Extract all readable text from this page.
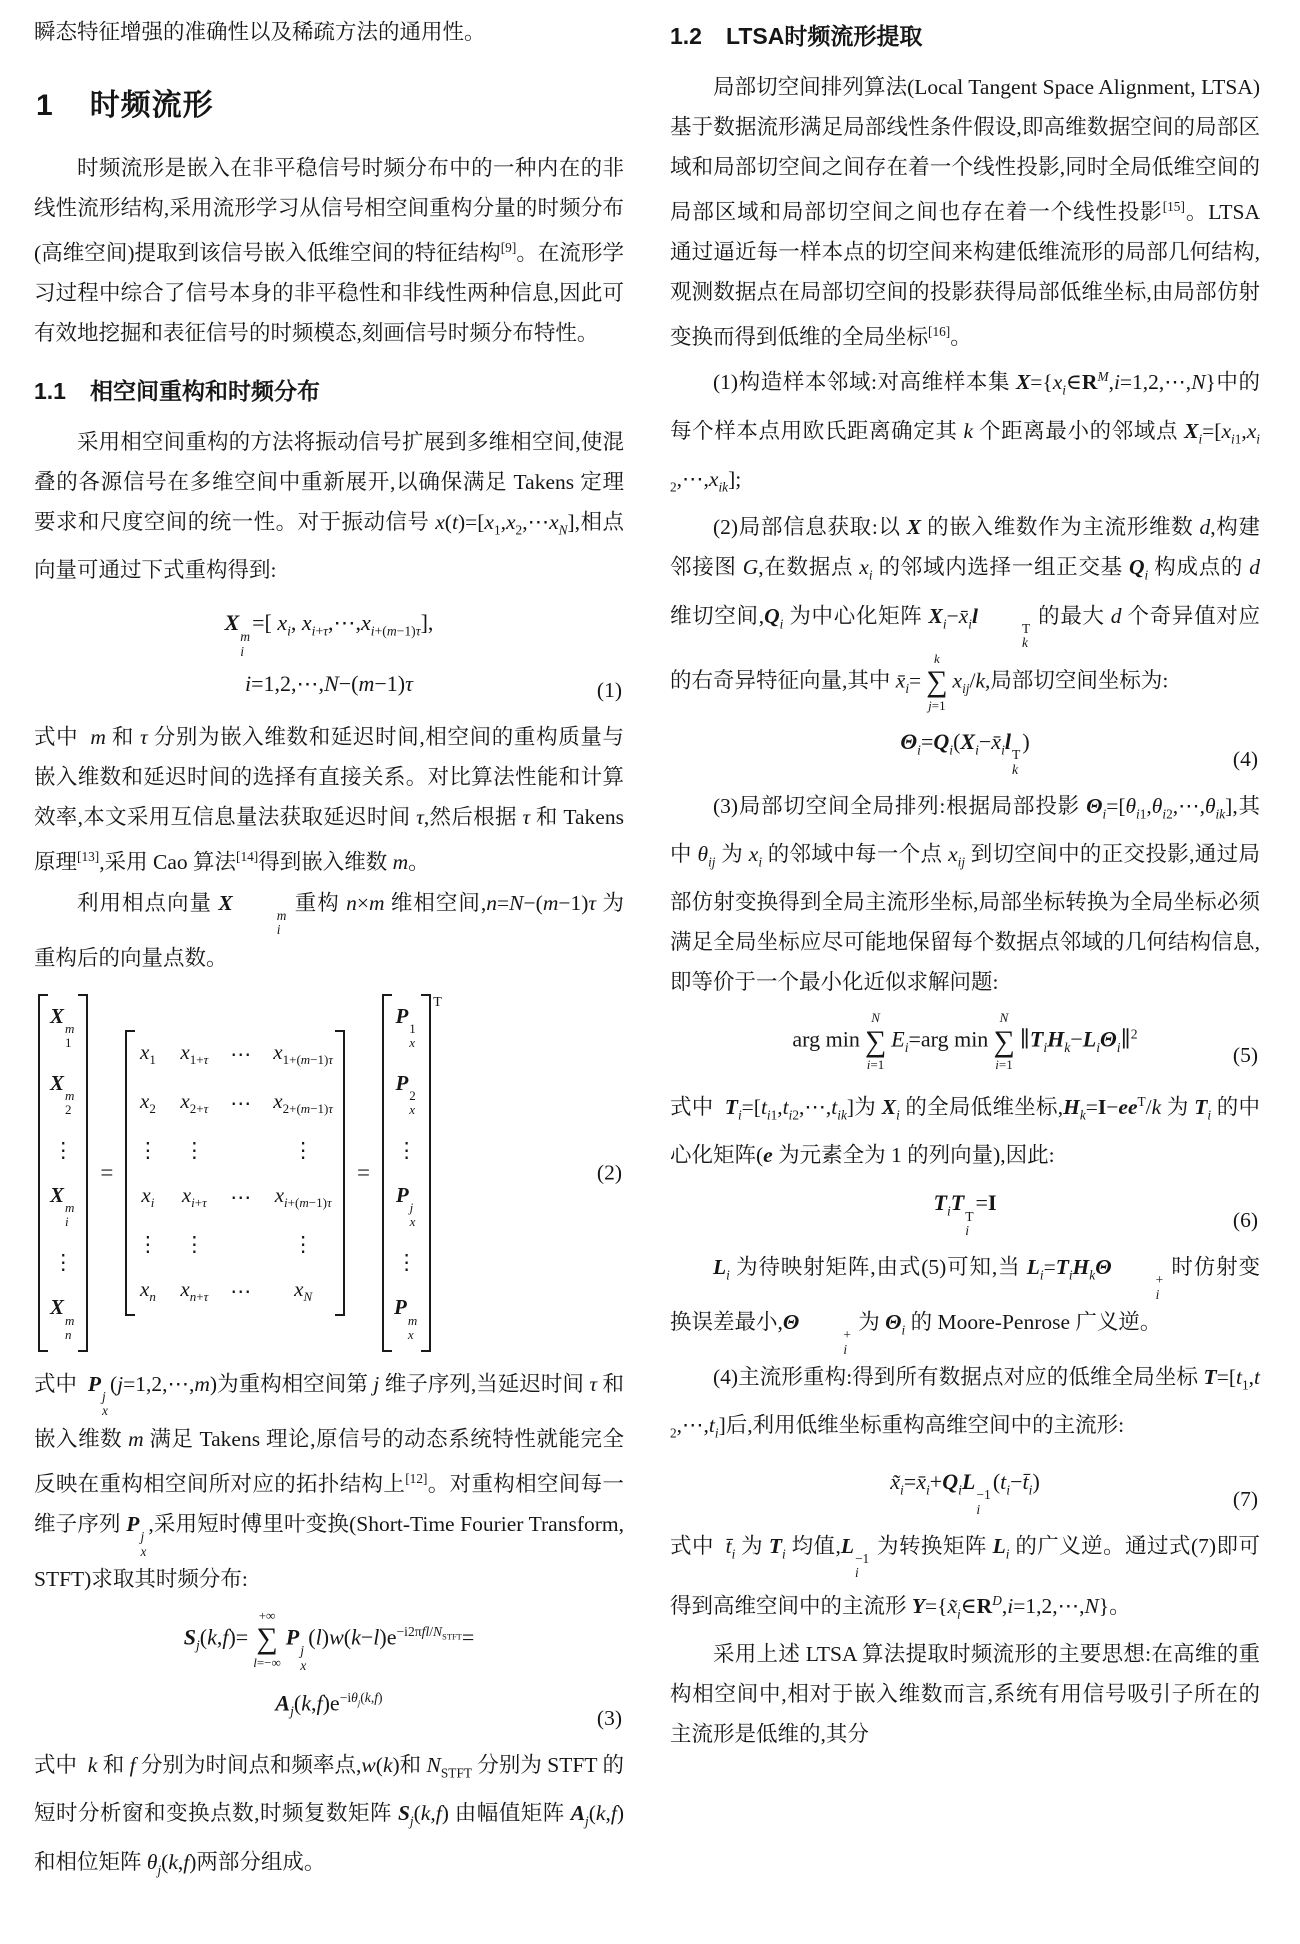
瞬态特征增强的准确性以及稀疏方法的通用性。

1 时频流形

时频流形是嵌入在非平稳信号时频分布中的一种内在的非线性流形结构,采用流形学习从信号相空间重构分量的时频分布(高维空间)提取到该信号嵌入低维空间的特征结构[9]。在流形学习过程中综合了信号本身的非平稳性和非线性两种信息,因此可有效地挖掘和表征信号的时频模态,刻画信号时频分布特性。

1.1 相空间重构和时频分布

采用相空间重构的方法将振动信号扩展到多维相空间,使混叠的各源信号在多维空间中重新展开,以确保满足 Takens 定理要求和尺度空间的统一性。对于振动信号 $x(t)=[x_1,x_2,\cdots x_N]$,相点向量可通过下式重构得到:

X
m
i
=[ $x_i$, $x_{i+\tau},\cdots,x_{i+(m-1)\tau}$],
i=1,2,⋯,N−(m−1)τ	(1)

式中  m 和 τ 分别为嵌入维数和延迟时间,相空间的重构质量与嵌入维数和延迟时间的选择有直接关系。对比算法性能和计算效率,本文采用互信息量法获取延迟时间 τ,然后根据 τ 和 Takens 原理[13],采用 Cao 算法[14]得到嵌入维数 m。

利用相点向量 X
m
i
重构 n×m 维相空间,n=N−(m−1)τ 为重构后的向量点数。

X
m
1
X
m
2
⋮
X
m
i
⋮
X
m
n
=
$x_1$ $x_{1+\tau}$ ⋯ $x_{1+(m-1)\tau}$
$x_2$ $x_{2+\tau}$ ⋯ $x_{2+(m-1)\tau}$
⋮ ⋮	⋮
$x_i$ $x_{i+\tau}$ ⋯ $x_{i+(m-1)\tau}$
⋮ ⋮	⋮
$x_n$ $x_{n+\tau}$ ⋯ $x_N$
=
P
1
x
P
2
x
⋮
P
j
x
⋮
P
m
x
$^T$
(2)

式中  P
j
x
(j=1,2,⋯,m)为重构相空间第 j 维子序列,当延迟时间 τ 和嵌入维数 m 满足 Takens 理论,原信号的动态系统特性就能完全反映在重构相空间所对应的拓扑结构上[12]。对重构相空间每一维子序列 P
j
x
,采用短时傅里叶变换(Short-Time Fourier Transform,STFT)求取其时频分布:

$S_j(k,f)=$
+∞
∑
l=−∞
P
j
x
$(l)w(k-l)e^{-i2\pi fl/N_{STFT}}=$
$A_j(k,f)e^{-i\theta_j(k,f)}$
(3)

式中  k 和 f 分别为时间点和频率点,w(k)和 $N_{STFT}$ 分别为 STFT 的短时分析窗和变换点数,时频复数矩阵 $S_j(k,f)$ 由幅值矩阵 $A_j(k,f)$ 和相位矩阵 $\theta_j(k,f)$两部分组成。

1.2 LTSA时频流形提取

局部切空间排列算法(Local Tangent Space Alignment, LTSA)基于数据流形满足局部线性条件假设,即高维数据空间的局部区域和局部切空间之间存在着一个线性投影,同时全局低维空间的局部区域和局部切空间之间也存在着一个线性投影[15]。LTSA 通过逼近每一样本点的切空间来构建低维流形的局部几何结构,观测数据点在局部切空间的投影获得局部低维坐标,由局部仿射变换而得到低维的全局坐标[16]。

(1)构造样本邻域:对高维样本集 $X=\{x_i\in R^M,i=1,2,\cdots,N\}$中的每个样本点用欧氏距离确定其 k 个距离最小的邻域点 $X_i=[x_{i1},x_{i2},\cdots,x_{ik}]$;

(2)局部信息获取:以 X 的嵌入维数作为主流形维数 d,构建邻接图 G,在数据点 $x_i$ 的邻域内选择一组正交基 $Q_i$ 构成点的 d 维切空间$,Q_i$ 为中心化矩阵 $X_i-x̄_il$
T
k
的最大 d 个奇异值对应的右奇异特征向量,其中 $x̄_i=$
k
∑
j=1
$x_{ij}/k$,局部切空间坐标为:

$\Theta_i=Q_i(X_i-x̄_il$
T
k
)
(4)

(3)局部切空间全局排列:根据局部投影 $\Theta_i=[\theta_{i1},\theta_{i2},\cdots,\theta_{ik}]$,其中 $\theta_{ij}$ 为 $x_i$ 的邻域中每一个点 $x_{ij}$ 到切空间中的正交投影,通过局部仿射变换得到全局主流形坐标,局部坐标转换为全局坐标必须满足全局坐标应尽可能地保留每个数据点邻域的几何结构信息,即等价于一个最小化近似求解问题:

arg min
N
∑
i=1
$E_i=arg$ min
N
∑
i=1
$\parallel T_iH_k-L_i\Theta_i\parallel^2$
(5)

式中  $T_i=[t_{i1},t_{i2},\cdots,t_{ik}]$为 $X_i$ 的全局低维坐标$,H_k=I-ee^T/k$ 为 $T_i$ 的中心化矩阵(e 为元素全为 1 的列向量),因此:

$T_iT$
T
i
=I
(6)

$L_i$ 为待映射矩阵,由式(5)可知,当 $L_i=T_iH_k\Theta$
+
i
时仿射变换误差最小,Θ
+
i
为 $\Theta_i$ 的 Moore-Penrose 广义逆。

(4)主流形重构:得到所有数据点对应的低维全局坐标 $T=[t_1,t_2,\cdots,t_i]$后,利用低维坐标重构高维空间中的主流形:

$x̃_i=x̄_i+Q_iL$
−1
i
$(t_i-t̄_i)$
(7)

式中  $t̄_i$ 为 $T_i$ 均值,L
−1
i
为转换矩阵 $L_i$ 的广义逆。通过式(7)即可得到高维空间中的主流形 $Y=\{x̃_i\in R^D,i=1,2,\cdots,N\}$。

采用上述 LTSA 算法提取时频流形的主要思想:在高维的重构相空间中,相对于嵌入维数而言,系统有用信号吸引子所在的主流形是低维的,其分
